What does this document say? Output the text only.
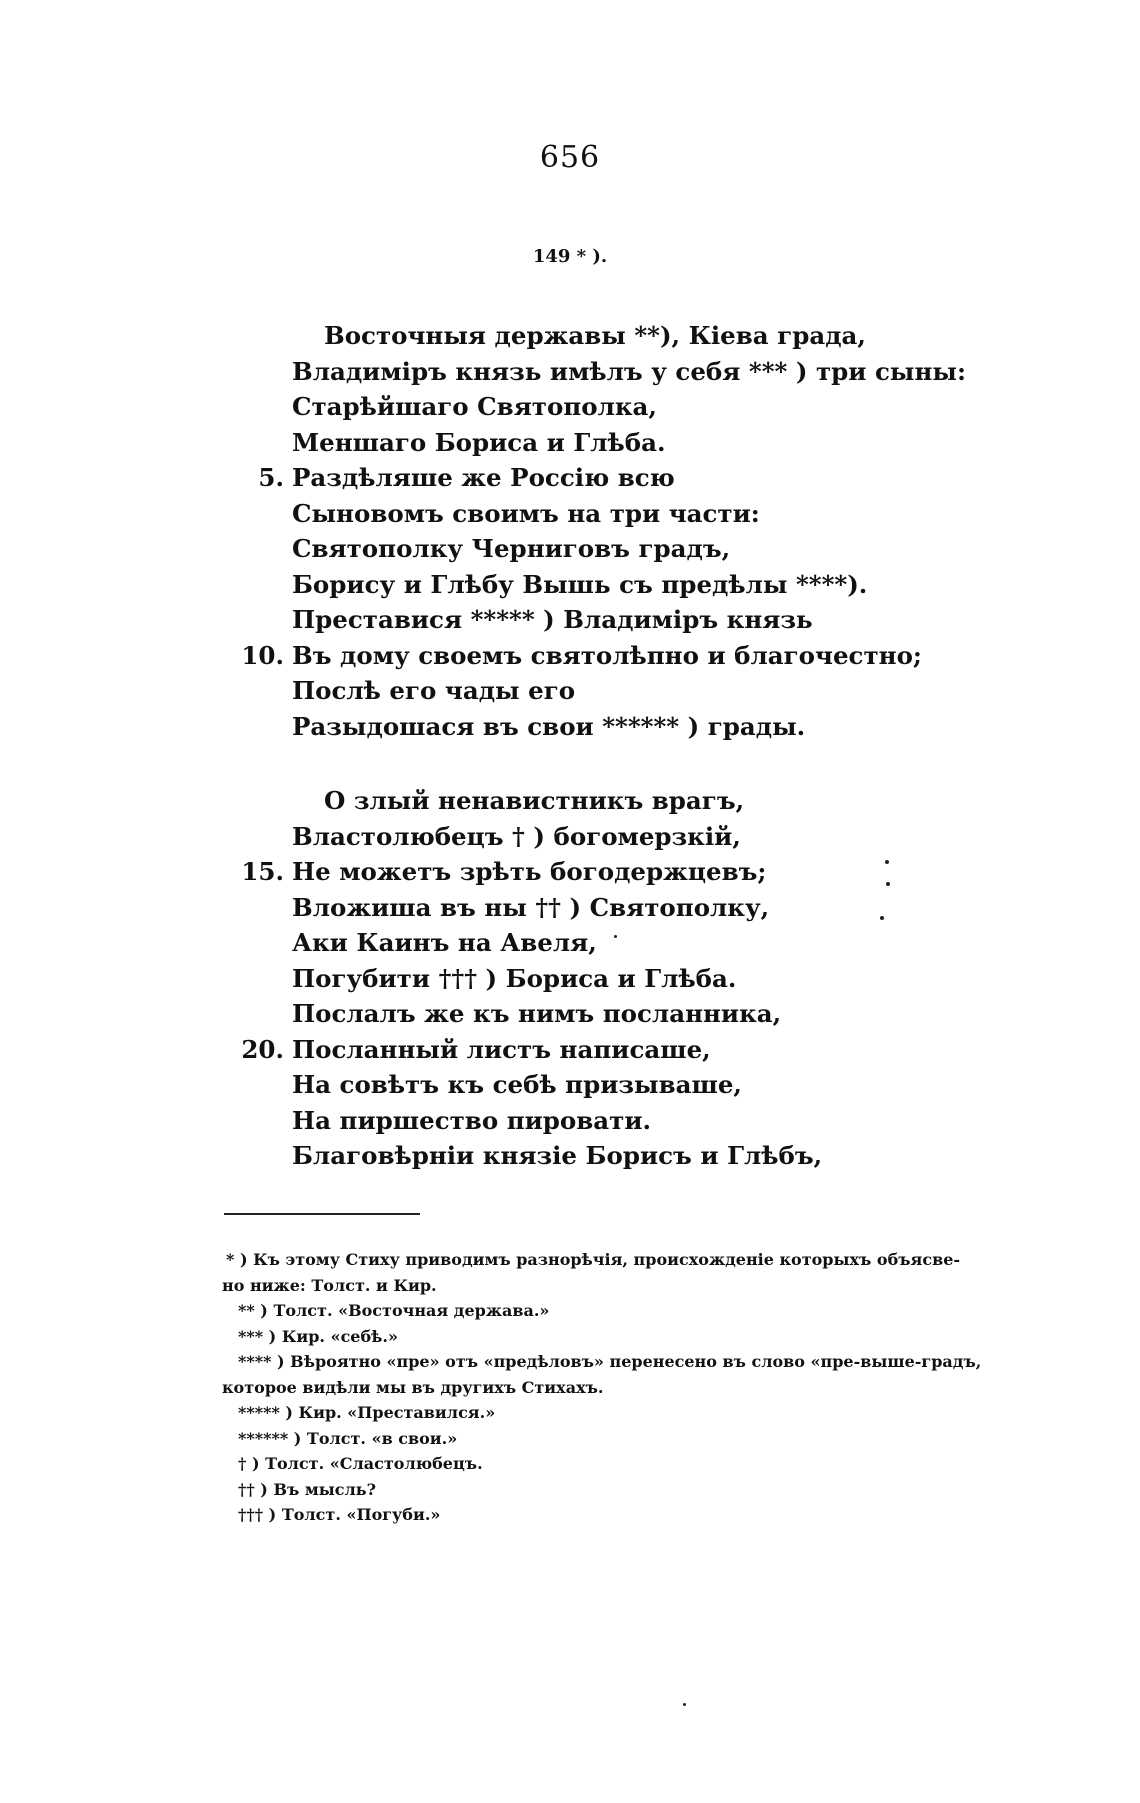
656
149 * ).
Восточныя державы **), Кіева града,
Владиміръ князь имѣлъ у себя *** ) три сыны:
Старѣйшаго Святополка,
Меншаго Бориса и Глѣба.
5. Раздѣляше же Россію всю
Сыновомъ своимъ на три части:
Святополку Черниговъ градъ,
Борису и Глѣбу Вышь съ предѣлы ****).
Преставися ***** ) Владиміръ князь
10. Въ дому своемъ святолѣпно и благочестно;
Послѣ его чады его
Разыдошася въ свои ****** ) грады.
О злый ненавистникъ врагъ,
Властолюбецъ † ) богомерзкій,
15. Не можетъ зрѣть богодержцевъ;
Вложиша въ ны †† ) Святополку,
Аки Каинъ на Авеля,
Погубити ††† ) Бориса и Глѣба.
Послалъ же къ нимъ посланника,
20. Посланный листъ написаше,
На совѣтъ къ себѣ призываше,
На пиршество пировати.
Благовѣрніи князіе Борисъ и Глѣбъ,
* ) Къ этому Стиху приводимъ разнорѣчія, происхожденіе которыхъ объясве-
но ниже: Толст. и Кир.
** ) Толст. «Восточная держава.»
*** ) Кир. «себѣ.»
**** ) Вѣроятно «пре» отъ «предѣловъ» перенесено въ слово «пре-выше-градъ,
которое видѣли мы въ другихъ Стихахъ.
***** ) Кир. «Преставился.»
****** ) Толст. «в свои.»
† ) Толст. «Сластолюбецъ.
†† ) Въ мысль?
††† ) Толст. «Погуби.»
